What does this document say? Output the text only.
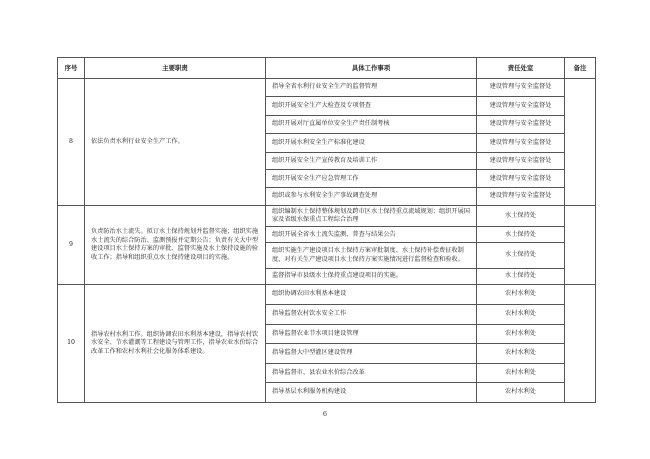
序号	主要职责	具体工作事项	责任处室	备注
8	依法负责水利行业安全生产工作。	指导全省水利行业安全生产的监督管理	建设管理与安全监督处	
		组织开展安全生产大检查及专项督查	建设管理与安全监督处	
		组织开展对厅直属单位安全生产责任制考核	建设管理与安全监督处	
		组织开展水利安全生产标准化建设	建设管理与安全监督处	
		组织开展安全生产宣传教育及培训工作	建设管理与安全监督处	
		组织开展安全生产应急管理工作	建设管理与安全监督处	
		组织或参与水利安全生产事故调查处理	建设管理与安全监督处	
9	负责防治水土流失。拟订水土保持规划并监督实施；组织实施水土流失的综合防治、监测预报并定期公告；负责有关大中型建设项目水土保持方案的审批、监督实施及水土保持设施的验收工作；指导和组织重点水土保持建设项目的实施。	组织编制水土保持整体规划及跨市区水土保持重点流域规划；组织开展国家及省级水保重点工程综合治理	水土保持处	
		组织开展全省水土流失监测、普查与结果公告	水土保持处	
		组织实施生产建设项目水土保持方案审批制度、水土保持补偿费征收制度，对有关生产建设项目水土保持方案实施情况进行监督检查和验收。	水土保持处	
		监督指导市县级水土保持重点建设项目的实施。	水土保持处	
10	指导农村水利工作。组织协调农田水利基本建设，指导农村饮水安全、节水灌溉等工程建设与管理工作，指导农业水价综合改革工作和农村水利社会化服务体系建设。	组织协调农田水利基本建设	农村水利处	
		指导监督农村饮水安全工作	农村水利处	
		指导监督农业节水项目建设管理	农村水利处	
		指导监督大中型灌区建设管理	农村水利处	
		指导监督市、县农业水价综合改革	农村水利处	
		指导基层水利服务机构建设	农村水利处	
6
